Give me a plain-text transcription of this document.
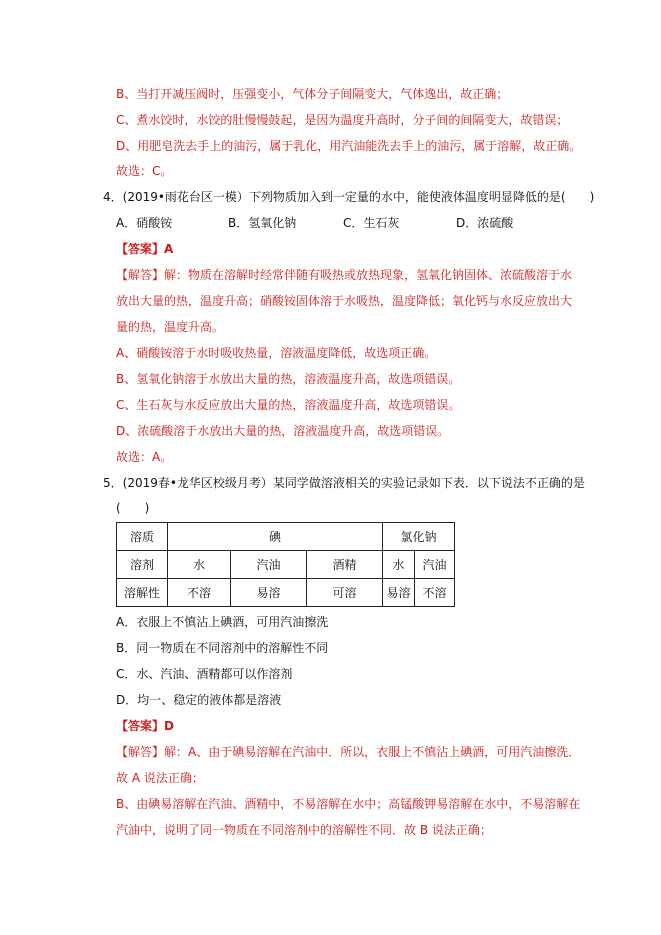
B、当打开减压阀时，压强变小，气体分子间隔变大，气体逸出，故正确；
C、煮水饺时，水饺的肚慢慢鼓起，是因为温度升高时，分子间的间隔变大，故错误；
D、用肥皂洗去手上的油污，属于乳化，用汽油能洗去手上的油污，属于溶解，故正确。
故选：C。
4．(2019•雨花台区一模）下列物质加入到一定量的水中，能使液体温度明显降低的是(　　)
A．硝酸铵	B．氢氧化钠	C．生石灰	D．浓硫酸
【答案】A
【解答】解：物质在溶解时经常伴随有吸热或放热现象，氢氧化钠固体、浓硫酸溶于水
放出大量的热，温度升高；硝酸铵固体溶于水吸热，温度降低；氧化钙与水反应放出大
量的热，温度升高。
A、硝酸铵溶于水时吸收热量，溶液温度降低，故选项正确。
B、氢氧化钠溶于水放出大量的热，溶液温度升高，故选项错误。
C、生石灰与水反应放出大量的热，溶液温度升高，故选项错误。
D、浓硫酸溶于水放出大量的热，溶液温度升高，故选项错误。
故选：A。
5．(2019春•龙华区校级月考）某同学做溶液相关的实验记录如下表．以下说法不正确的是
(　　)
溶质	碘			氯化钠	
溶剂	水	汽油	酒精	水	汽油
溶解性	不溶	易溶	可溶	易溶	不溶
A．衣服上不慎沾上碘酒，可用汽油擦洗
B．同一物质在不同溶剂中的溶解性不同
C．水、汽油、酒精都可以作溶剂
D．均一、稳定的液体都是溶液
【答案】D
【解答】解：A、由于碘易溶解在汽油中．所以，衣服上不慎沾上碘酒，可用汽油擦洗．
故 A 说法正确；
B、由碘易溶解在汽油、酒精中，不易溶解在水中；高锰酸钾易溶解在水中，不易溶解在
汽油中，说明了同一物质在不同溶剂中的溶解性不同．故 B 说法正确；
